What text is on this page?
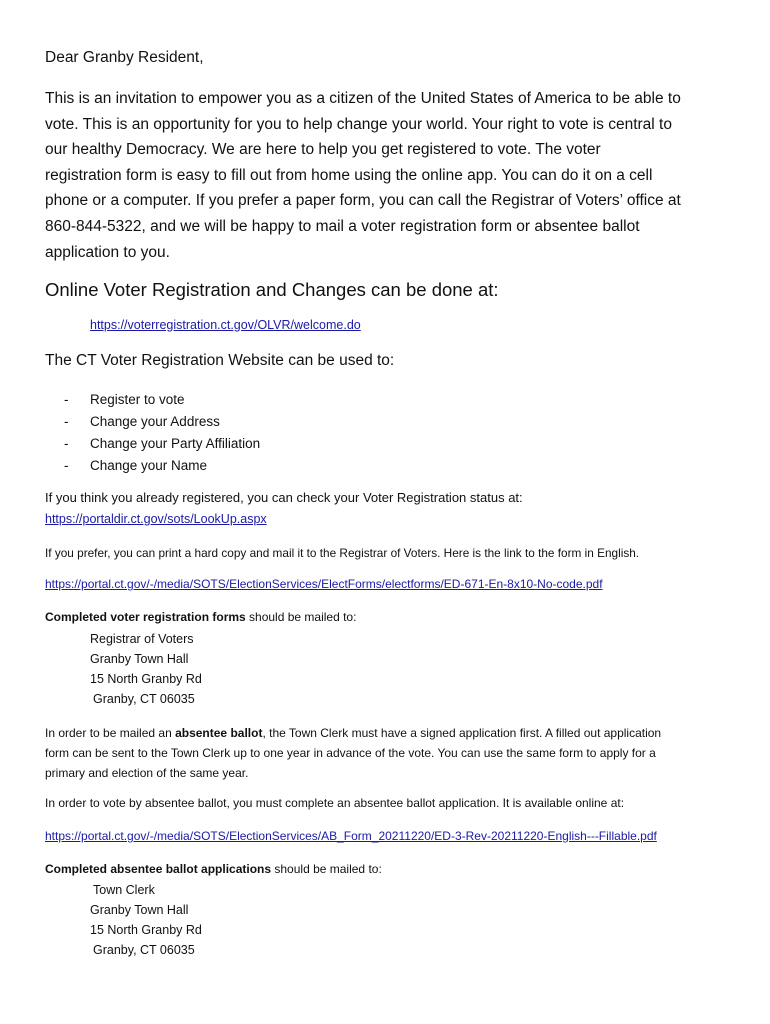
Dear Granby Resident,
This is an invitation to empower you as a citizen of the United States of America to be able to
vote. This is an opportunity for you to help change your world. Your right to vote is central to
our healthy Democracy. We are here to help you get registered to vote. The voter
registration form is easy to fill out from home using the online app. You can do it on a cell
phone or a computer. If you prefer a paper form, you can call the Registrar of Voters’ office at
860-844-5322, and we will be happy to mail a voter registration form or absentee ballot
application to you.
Online Voter Registration and Changes can be done at:
https://voterregistration.ct.gov/OLVR/welcome.do
The CT Voter Registration Website can be used to:
-	Register to vote
-	Change your Address
-	Change your Party Affiliation
-	Change your Name
If you think you already registered, you can check your Voter Registration status at:
https://portaldir.ct.gov/sots/LookUp.aspx
If you prefer, you can print a hard copy and mail it to the Registrar of Voters. Here is the link to the form in English.
https://portal.ct.gov/-/media/SOTS/ElectionServices/ElectForms/electforms/ED-671-En-8x10-No-code.pdf
Completed voter registration forms should be mailed to:
Registrar of Voters
Granby Town Hall
15 North Granby Rd
Granby, CT 06035
In order to be mailed an absentee ballot, the Town Clerk must have a signed application first. A filled out application
form can be sent to the Town Clerk up to one year in advance of the vote. You can use the same form to apply for a
primary and election of the same year.
In order to vote by absentee ballot, you must complete an absentee ballot application. It is available online at:
https://portal.ct.gov/-/media/SOTS/ElectionServices/AB_Form_20211220/ED-3-Rev-20211220-English---Fillable.pdf
Completed absentee ballot applications should be mailed to:
Town Clerk
Granby Town Hall
15 North Granby Rd
Granby, CT 06035
